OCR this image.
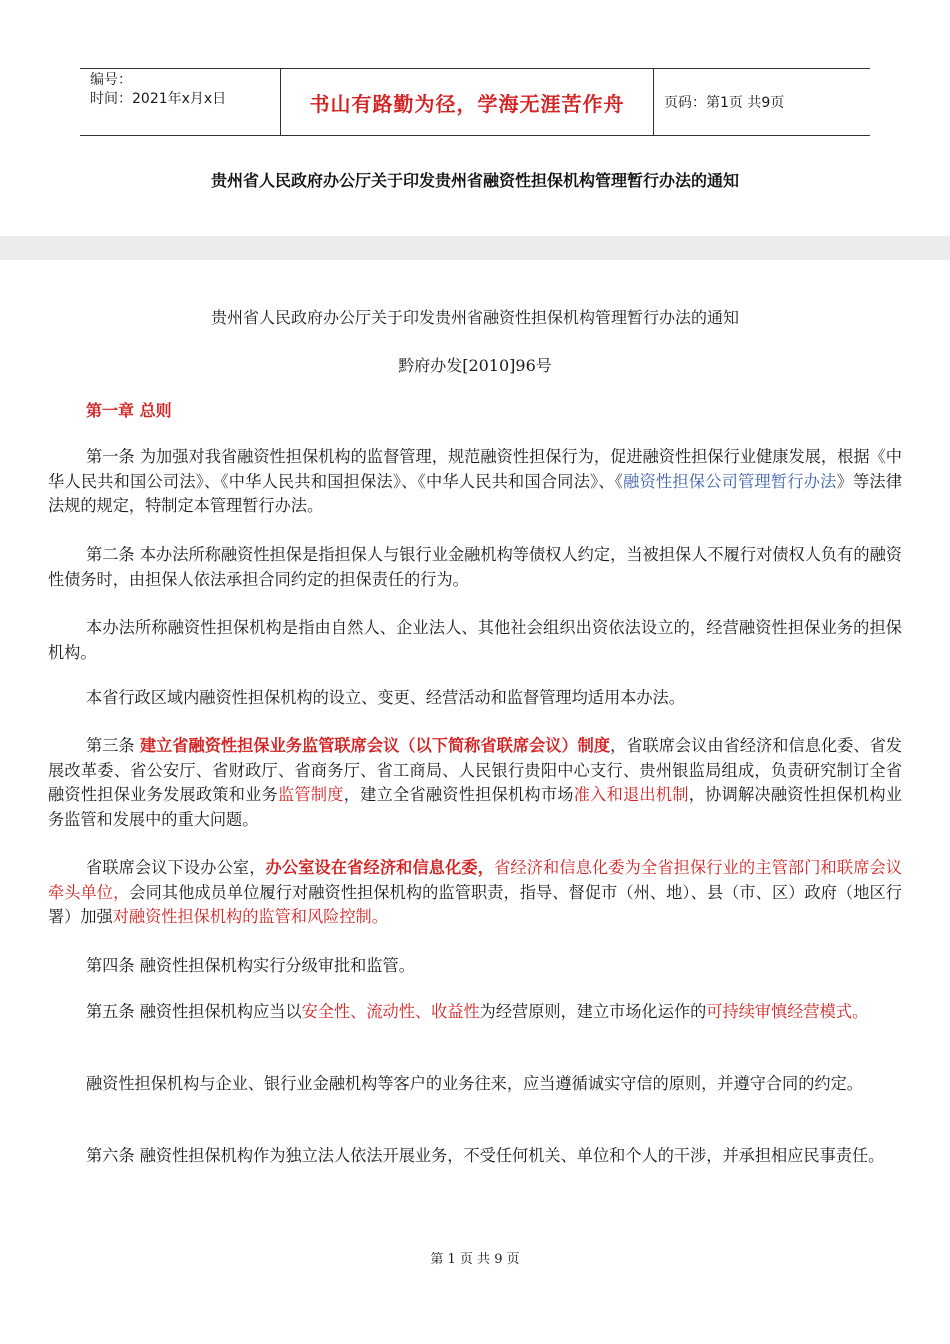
编号：
时间：2021年x月x日	书山有路勤为径，学海无涯苦作舟	页码：第1页 共9页
贵州省人民政府办公厅关于印发贵州省融资性担保机构管理暂行办法的通知
贵州省人民政府办公厅关于印发贵州省融资性担保机构管理暂行办法的通知
黔府办发[2010]96号
第一章 总则
第一条 为加强对我省融资性担保机构的监督管理，规范融资性担保行为，促进融资性担保行业健康发展，根据《中华人民共和国公司法》、《中华人民共和国担保法》、《中华人民共和国合同法》、《融资性担保公司管理暂行办法》等法律法规的规定，特制定本管理暂行办法。
第二条 本办法所称融资性担保是指担保人与银行业金融机构等债权人约定，当被担保人不履行对债权人负有的融资性债务时，由担保人依法承担合同约定的担保责任的行为。
本办法所称融资性担保机构是指由自然人、企业法人、其他社会组织出资依法设立的，经营融资性担保业务的担保机构。
本省行政区域内融资性担保机构的设立、变更、经营活动和监督管理均适用本办法。
第三条 建立省融资性担保业务监管联席会议（以下简称省联席会议）制度，省联席会议由省经济和信息化委、省发展改革委、省公安厅、省财政厅、省商务厅、省工商局、人民银行贵阳中心支行、贵州银监局组成，负责研究制订全省融资性担保业务发展政策和业务监管制度，建立全省融资性担保机构市场准入和退出机制，协调解决融资性担保机构业务监管和发展中的重大问题。
省联席会议下设办公室，办公室设在省经济和信息化委，省经济和信息化委为全省担保行业的主管部门和联席会议牵头单位，会同其他成员单位履行对融资性担保机构的监管职责，指导、督促市（州、地）、县（市、区）政府（地区行署）加强对融资性担保机构的监管和风险控制。
第四条 融资性担保机构实行分级审批和监管。
第五条 融资性担保机构应当以安全性、流动性、收益性为经营原则，建立市场化运作的可持续审慎经营模式。
融资性担保机构与企业、银行业金融机构等客户的业务往来，应当遵循诚实守信的原则，并遵守合同的约定。
第六条 融资性担保机构作为独立法人依法开展业务，不受任何机关、单位和个人的干涉，并承担相应民事责任。
第 1 页 共 9 页
